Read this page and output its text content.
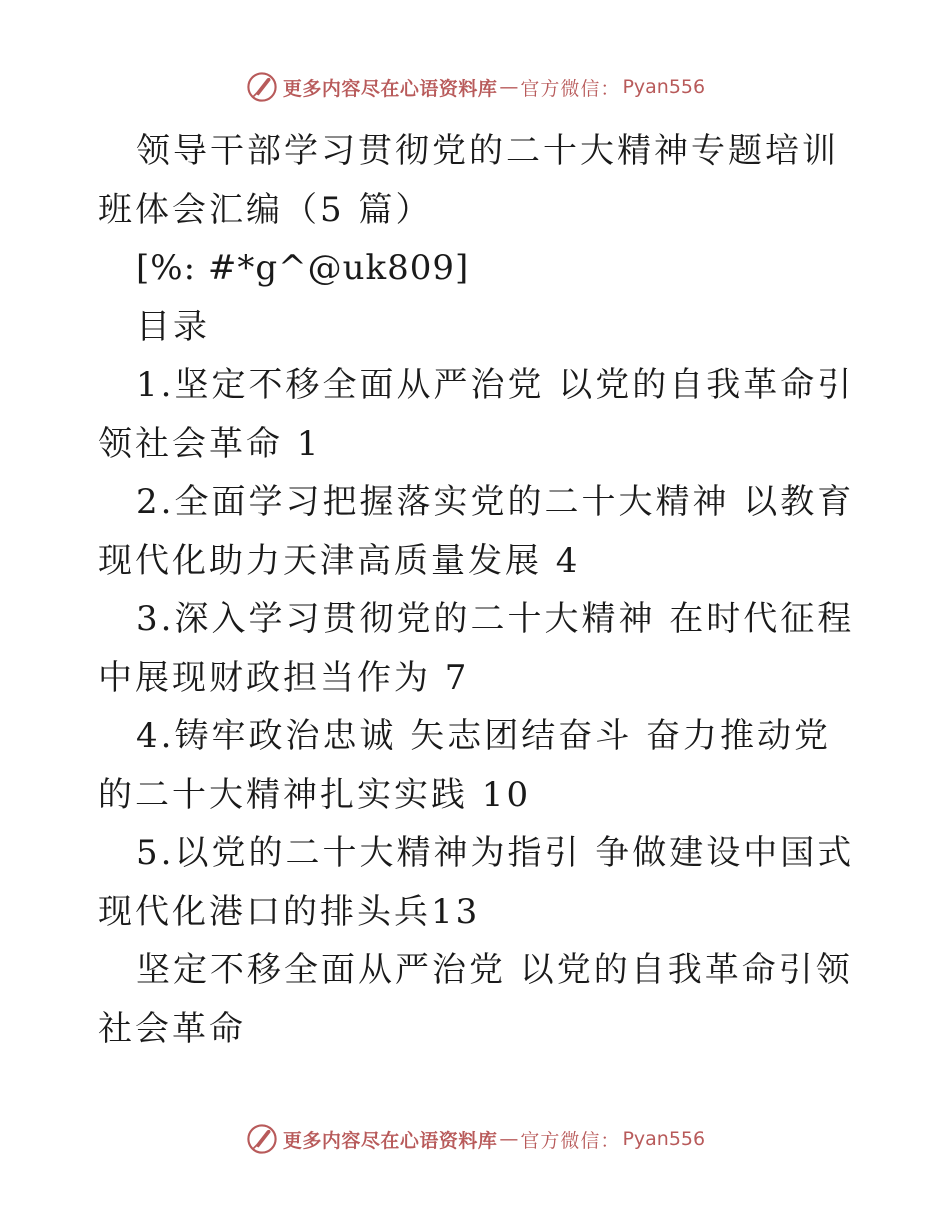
更多内容尽在心语资料库 — 官方微信： Pyan556

领导干部学习贯彻党的二十大精神专题培训班体会汇编（5 篇）

[%: #*g^@uk809]

目录

1.坚定不移全面从严治党 以党的自我革命引领社会革命 1

2.全面学习把握落实党的二十大精神 以教育现代化助力天津高质量发展 4

3.深入学习贯彻党的二十大精神 在时代征程中展现财政担当作为 7

4.铸牢政治忠诚 矢志团结奋斗 奋力推动党的二十大精神扎实实践 10

5.以党的二十大精神为指引 争做建设中国式现代化港口的排头兵13

坚定不移全面从严治党 以党的自我革命引领社会革命

更多内容尽在心语资料库 — 官方微信： Pyan556
